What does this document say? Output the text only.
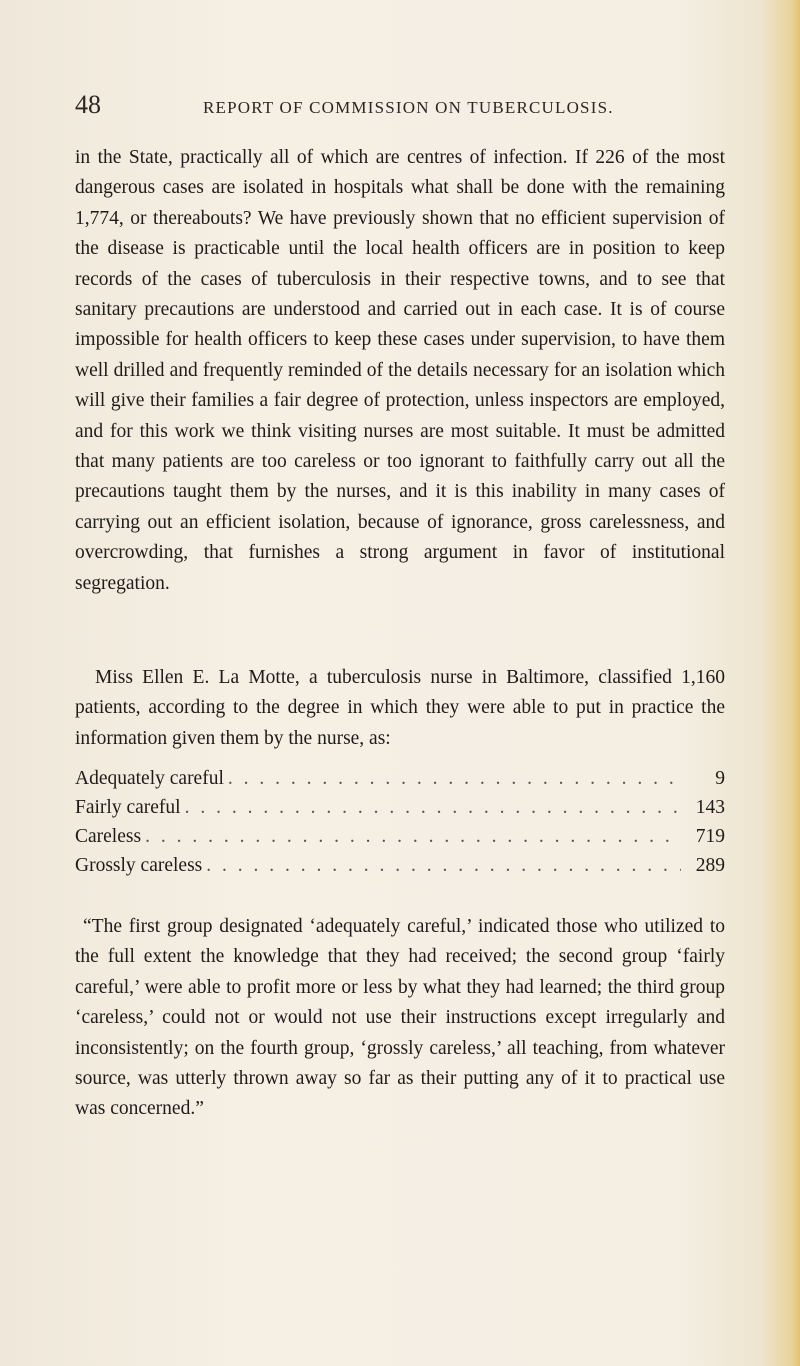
48	REPORT OF COMMISSION ON TUBERCULOSIS.

in the State, practically all of which are centres of infection. If 226 of the most dangerous cases are isolated in hospitals what shall be done with the remaining 1,774, or thereabouts? We have previously shown that no efficient supervision of the disease is practicable until the local health officers are in position to keep records of the cases of tuberculosis in their respective towns, and to see that sanitary precautions are understood and carried out in each case. It is of course impossible for health officers to keep these cases under supervision, to have them well drilled and frequently reminded of the details necessary for an isolation which will give their families a fair degree of protection, unless inspectors are employed, and for this work we think visiting nurses are most suitable. It must be admitted that many patients are too careless or too ignorant to faithfully carry out all the precautions taught them by the nurses, and it is this inability in many cases of carrying out an efficient isolation, because of ignorance, gross carelessness, and overcrowding, that furnishes a strong argument in favor of institutional segregation.

Miss Ellen E. La Motte, a tuberculosis nurse in Baltimore, classified 1,160 patients, according to the degree in which they were able to put in practice the information given them by the nurse, as:

Adequately careful . . .	9
Fairly careful . . .	143
Careless . . .	719
Grossly careless . . .	289

“The first group designated ‘adequately careful,’ indicated those who utilized to the full extent the knowledge that they had received; the second group ‘fairly careful,’ were able to profit more or less by what they had learned; the third group ‘careless,’ could not or would not use their instructions except irregularly and inconsistently; on the fourth group, ‘grossly careless,’ all teaching, from whatever source, was utterly thrown away so far as their putting any of it to practical use was concerned.”
